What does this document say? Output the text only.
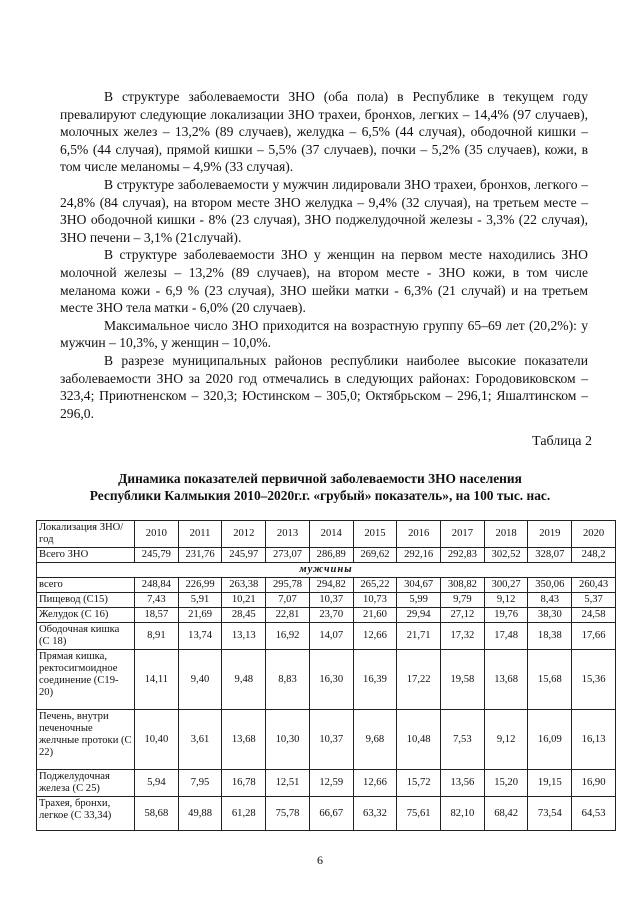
В структуре заболеваемости ЗНО (оба пола) в Республике в текущем году превалируют следующие локализации ЗНО трахеи, бронхов, легких – 14,4% (97 случаев), молочных желез – 13,2% (89 случаев), желудка – 6,5% (44 случая), ободочной кишки – 6,5% (44 случая), прямой кишки – 5,5% (37 случаев), почки – 5,2% (35 случаев), кожи, в том числе меланомы – 4,9% (33 случая).

В структуре заболеваемости у мужчин лидировали ЗНО трахеи, бронхов, легкого – 24,8% (84 случая), на втором месте ЗНО желудка – 9,4% (32 случая), на третьем месте –ЗНО ободочной кишки - 8% (23 случая), ЗНО поджелудочной железы - 3,3% (22 случая), ЗНО печени – 3,1% (21случай).

В структуре заболеваемости ЗНО у женщин на первом месте находились ЗНО молочной железы – 13,2% (89 случаев), на втором месте - ЗНО кожи, в том числе меланома кожи - 6,9 % (23 случая), ЗНО шейки матки - 6,3% (21 случай) и на третьем месте ЗНО тела матки - 6,0% (20 случаев).

Максимальное число ЗНО приходится на возрастную группу 65–69 лет (20,2%): у мужчин – 10,3%, у женщин – 10,0%.

В разрезе муниципальных районов республики наиболее высокие показатели заболеваемости ЗНО за 2020 год отмечались в следующих районах: Городовиковском – 323,4; Приютненском – 320,3; Юстинском – 305,0; Октябрьском – 296,1; Яшалтинском – 296,0.

Таблица 2
Динамика показателей первичной заболеваемости ЗНО населения
Республики Калмыкия 2010–2020г.г. «грубый» показатель», на 100 тыс. нас.
Локализация ЗНО/год	2010	2011	2012	2013	2014	2015	2016	2017	2018	2019	2020
Всего ЗНО	245,79	231,76	245,97	273,07	286,89	269,62	292,16	292,83	302,52	328,07	248,2
мужчины											
всего	248,84	226,99	263,38	295,78	294,82	265,22	304,67	308,82	300,27	350,06	260,43
Пищевод (С15)	7,43	5,91	10,21	7,07	10,37	10,73	5,99	9,79	9,12	8,43	5,37
Желудок (С 16)	18,57	21,69	28,45	22,81	23,70	21,60	29,94	27,12	19,76	38,30	24,58
Ободочная кишка (С 18)	8,91	13,74	13,13	16,92	14,07	12,66	21,71	17,32	17,48	18,38	17,66
Прямая кишка, ректосигмоидное соединение (С19-20)	14,11	9,40	9,48	8,83	16,30	16,39	17,22	19,58	13,68	15,68	15,36
Печень, внутри печеночные желчные протоки (С 22)	10,40	3,61	13,68	10,30	10,37	9,68	10,48	7,53	9,12	16,09	16,13
Поджелудочная железа (С 25)	5,94	7,95	16,78	12,51	12,59	12,66	15,72	13,56	15,20	19,15	16,90
Трахея, бронхи, легкое (С 33,34)	58,68	49,88	61,28	75,78	66,67	63,32	75,61	82,10	68,42	73,54	64,53
6
